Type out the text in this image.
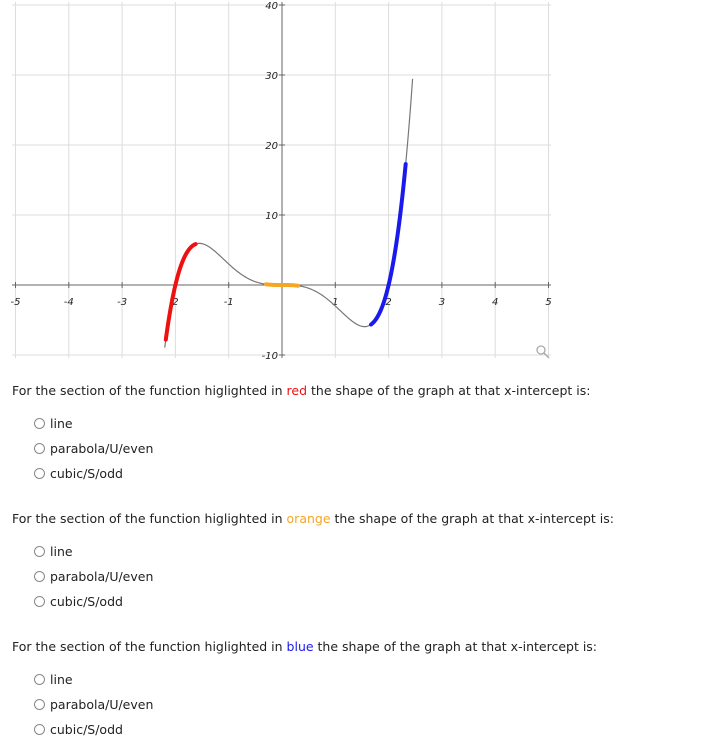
-5	-4	-3	2	-1	1	2	3	4	5
40
30
20
10
-10

For the section of the function higlighted in red the shape of the graph at that x-intercept is:

line
parabola/U/even
cubic/S/odd

For the section of the function higlighted in orange the shape of the graph at that x-intercept is:

line
parabola/U/even
cubic/S/odd

For the section of the function higlighted in blue the shape of the graph at that x-intercept is:

line
parabola/U/even
cubic/S/odd
